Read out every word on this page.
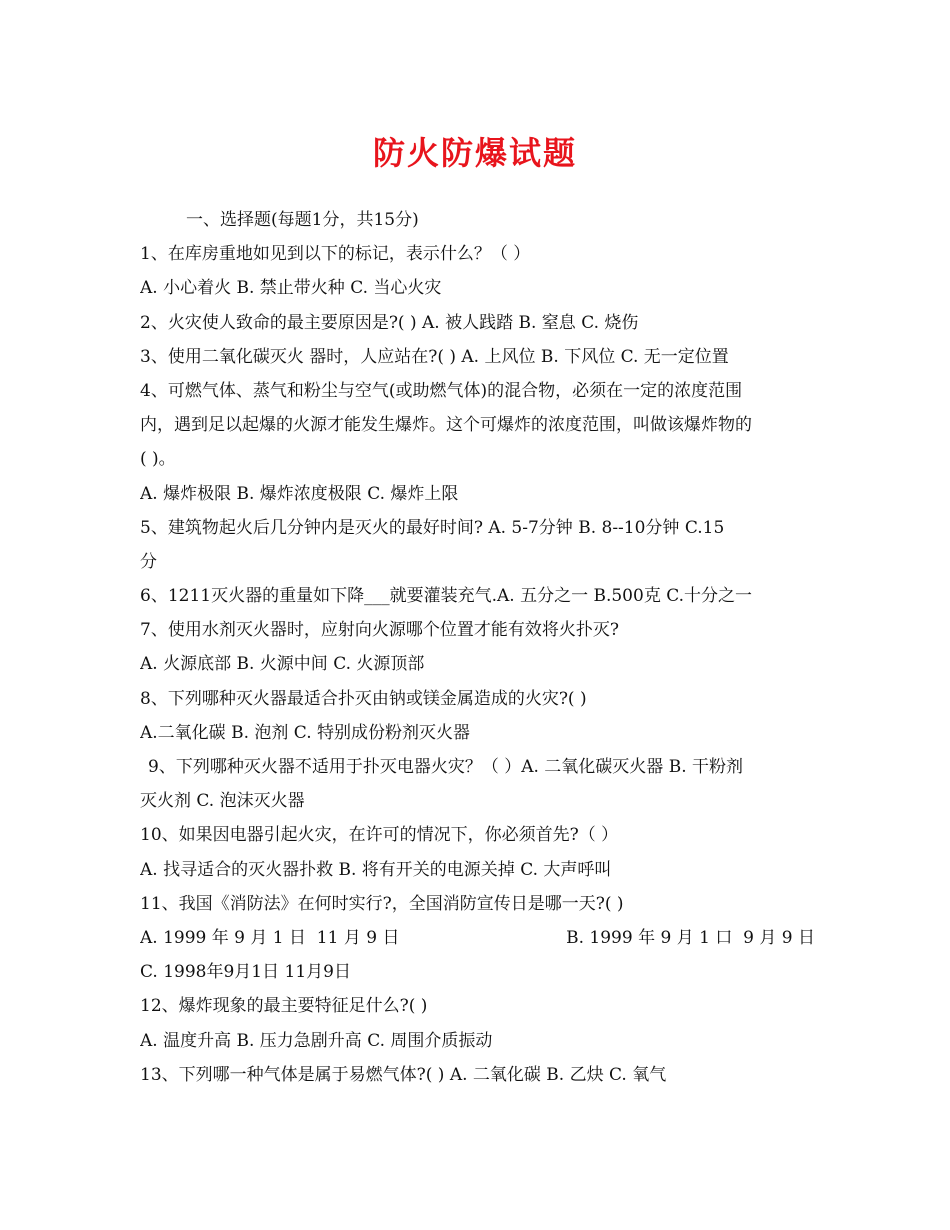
防火防爆试题
一、选择题(每题1分，共15分)
1、在库房重地如见到以下的标记，表示什么？（ ）
A. 小心着火 B. 禁止带火种 C. 当心火灾
2、火灾使人致命的最主要原因是?( ) A. 被人践踏 B. 窒息 C. 烧伤
3、使用二氧化碳灭火 器时，人应站在?( ) A. 上风位 B. 下风位 C. 无一定位置
4、可燃气体、蒸气和粉尘与空气(或助燃气体)的混合物，必须在一定的浓度范围
内，遇到足以起爆的火源才能发生爆炸。这个可爆炸的浓度范围，叫做该爆炸物的
( )。
A. 爆炸极限 B. 爆炸浓度极限 C. 爆炸上限
5、建筑物起火后几分钟内是灭火的最好时间? A. 5-7分钟 B. 8--10分钟 C.15
分
6、1211灭火器的重量如下降___就要灌装充气.A. 五分之一 B.500克 C.十分之一
7、使用水剂灭火器时，应射向火源哪个位置才能有效将火扑灭?
A. 火源底部 B. 火源中间 C. 火源顶部
8、下列哪种灭火器最适合扑灭由钠或镁金属造成的火灾?( )
A.二氧化碳 B. 泡剂 C. 特别成份粉剂灭火器
9、下列哪种灭火器不适用于扑灭电器火灾？（ ）A. 二氧化碳灭火器 B. 干粉剂
灭火剂 C. 泡沫灭火器
10、如果因电器引起火灾，在许可的情况下，你必须首先?（ ）
A. 找寻适合的灭火器扑救 B. 将有开关的电源关掉 C. 大声呼叫
11、我国《消防法》在何时实行?，全国消防宣传日是哪一天?( )
A. 1999 年 9 月 1 日  11 月 9 日	B. 1999 年 9 月 1 口  9 月 9 日
C. 1998年9月1日 11月9日
12、爆炸现象的最主要特征足什么?( )
A. 温度升高 B. 压力急剧升高 C. 周围介质振动
13、下列哪一种气体是属于易燃气体?( ) A. 二氧化碳 B. 乙炔 C. 氧气
